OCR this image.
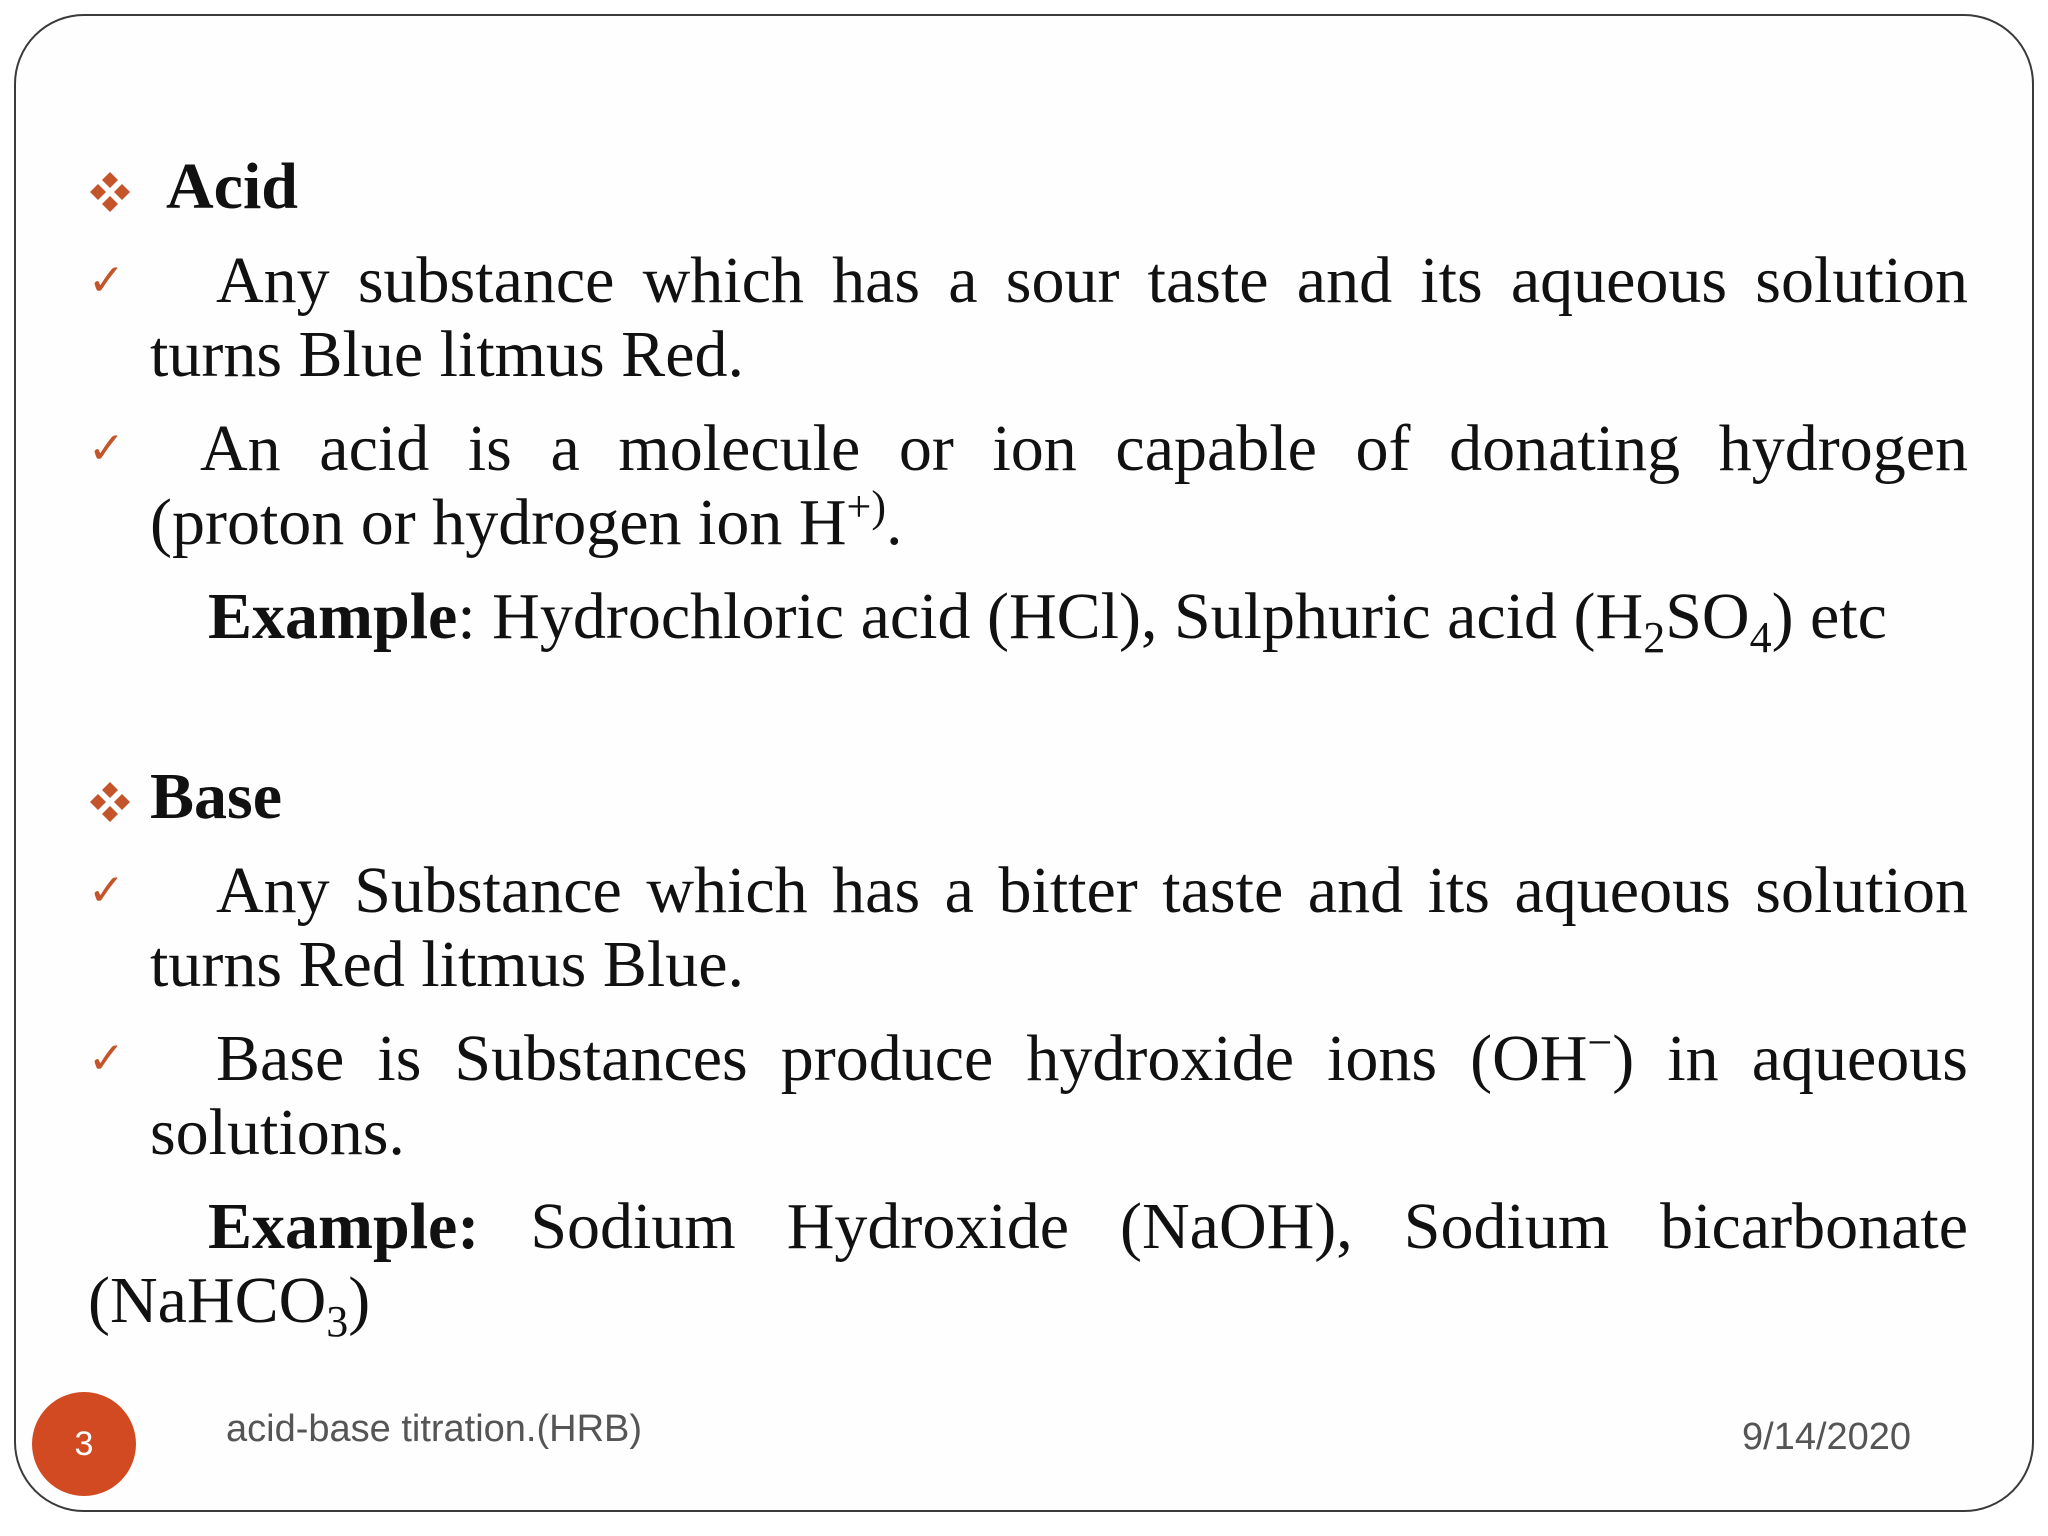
Acid
✓	Any substance which has a sour taste and its aqueous solution
turns Blue litmus Red.
✓	An acid is a molecule or ion capable of donating hydrogen
(proton or hydrogen ion H+).
Example: Hydrochloric acid (HCl), Sulphuric acid $(H_2SO_4)$ etc
Base
✓	Any Substance which has a bitter taste and its aqueous solution
turns Red litmus Blue.
✓	Base is Substances produce hydroxide ions (OH−) in aqueous
solutions.
Example: Sodium Hydroxide (NaOH), Sodium bicarbonate
(NaHCO$_3$)
3	acid-base titration.(HRB)	9/14/2020
